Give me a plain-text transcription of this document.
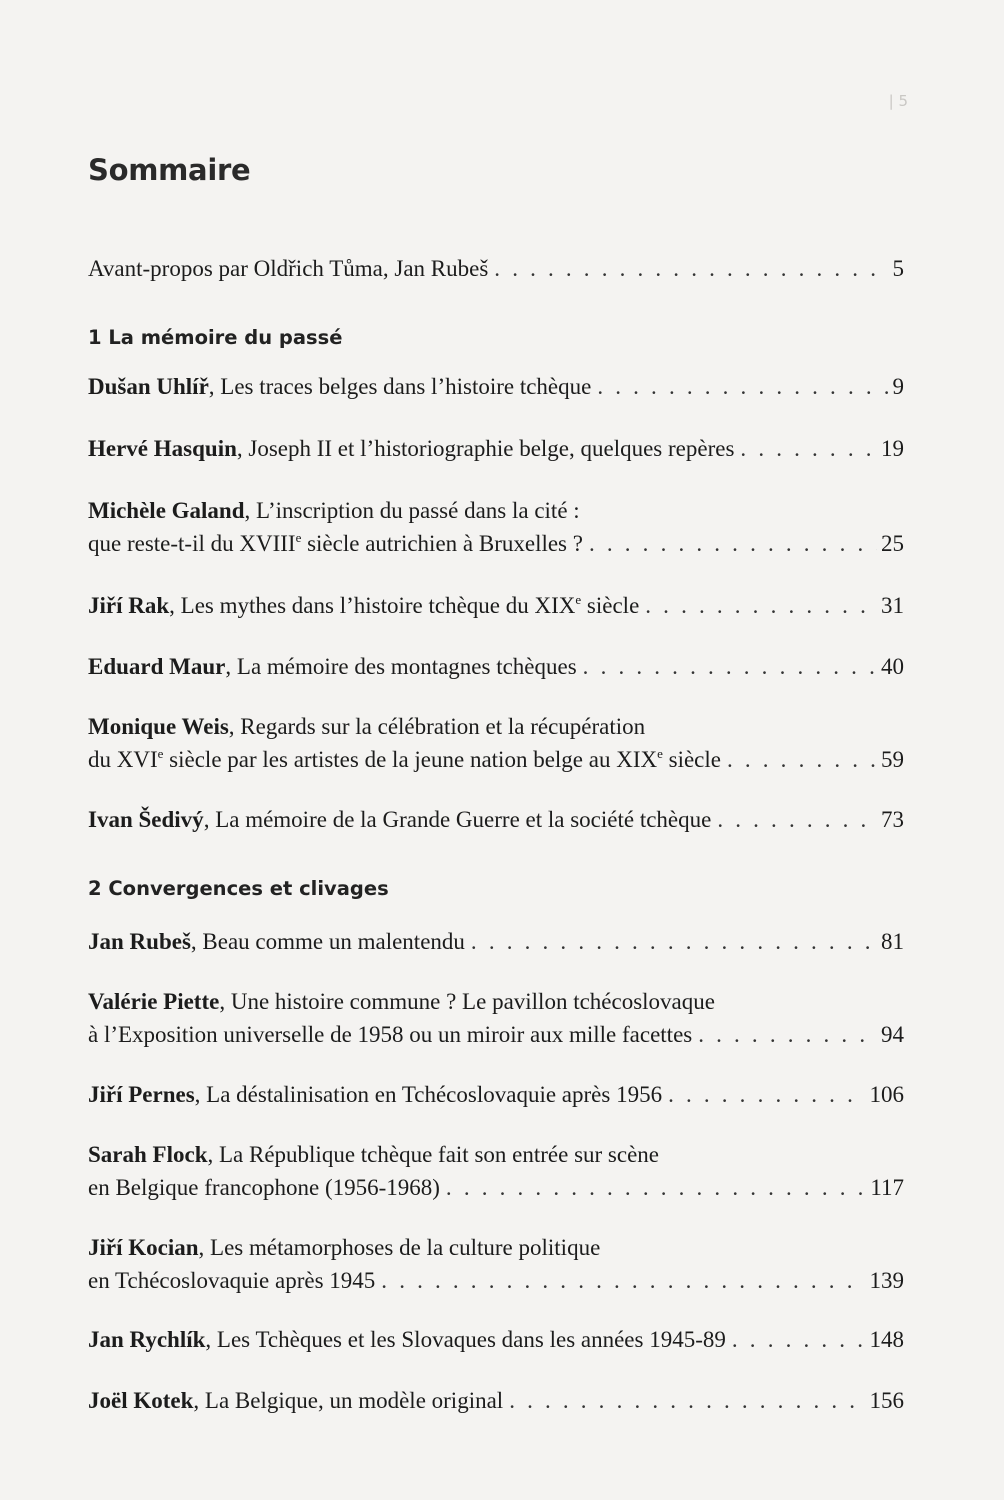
| 5
Sommaire
Avant-propos par Oldřich Tůma, Jan Rubeš . . .	5
1 La mémoire du passé
Dušan Uhlíř, Les traces belges dans l’histoire tchèque . . .	9
Hervé Hasquin, Joseph II et l’historiographie belge, quelques repères . . .	19
Michèle Galand, L’inscription du passé dans la cité :
que reste-t-il du XVIIIe siècle autrichien à Bruxelles ? . . .	25
Jiří Rak, Les mythes dans l’histoire tchèque du XIXe siècle . . .	31
Eduard Maur, La mémoire des montagnes tchèques . . .	40
Monique Weis, Regards sur la célébration et la récupération
du XVIe siècle par les artistes de la jeune nation belge au XIXe siècle . . .	59
Ivan Šedivý, La mémoire de la Grande Guerre et la société tchèque . . .	73
2 Convergences et clivages
Jan Rubeš, Beau comme un malentendu . . .	81
Valérie Piette, Une histoire commune ? Le pavillon tchécoslovaque
à l’Exposition universelle de 1958 ou un miroir aux mille facettes . . .	94
Jiří Pernes, La déstalinisation en Tchécoslovaquie après 1956 . . .	106
Sarah Flock, La République tchèque fait son entrée sur scène
en Belgique francophone (1956-1968) . . .	117
Jiří Kocian, Les métamorphoses de la culture politique
en Tchécoslovaquie après 1945 . . .	139
Jan Rychlík, Les Tchèques et les Slovaques dans les années 1945-89 . . .	148
Joël Kotek, La Belgique, un modèle original . . .	156
